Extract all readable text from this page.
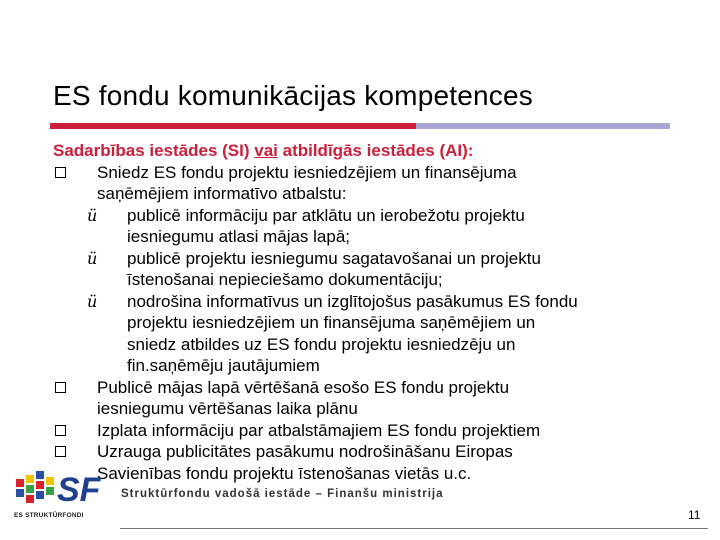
ES fondu komunikācijas kompetences
Sadarbības iestādes (SI) vai atbildīgās iestādes (AI):
Sniedz ES fondu projektu iesniedzējiem un finansējuma
saņēmējiem informatīvo atbalstu:
ü publicē informāciju par atklātu un ierobežotu projektu
iesniegumu atlasi mājas lapā;
ü publicē projektu iesniegumu sagatavošanai un projektu
īstenošanai nepieciešamo dokumentāciju;
ü nodrošina informatīvus un izglītojošus pasākumus ES fondu
projektu iesniedzējiem un finansējuma saņēmējiem un
sniedz atbildes uz ES fondu projektu iesniedzēju un
fin.saņēmēju jautājumiem
Publicē mājas lapā vērtēšanā esošo ES fondu projektu
iesniegumu vērtēšanas laika plānu
Izplata informāciju par atbalstāmajiem ES fondu projektiem
Uzrauga publicitātes pasākumu nodrošināšanu Eiropas
Savienības fondu projektu īstenošanas vietās u.c.
SF
ES STRUKTŪRFONDI
Struktūrfondu vadošā iestāde – Finanšu ministrija
11
